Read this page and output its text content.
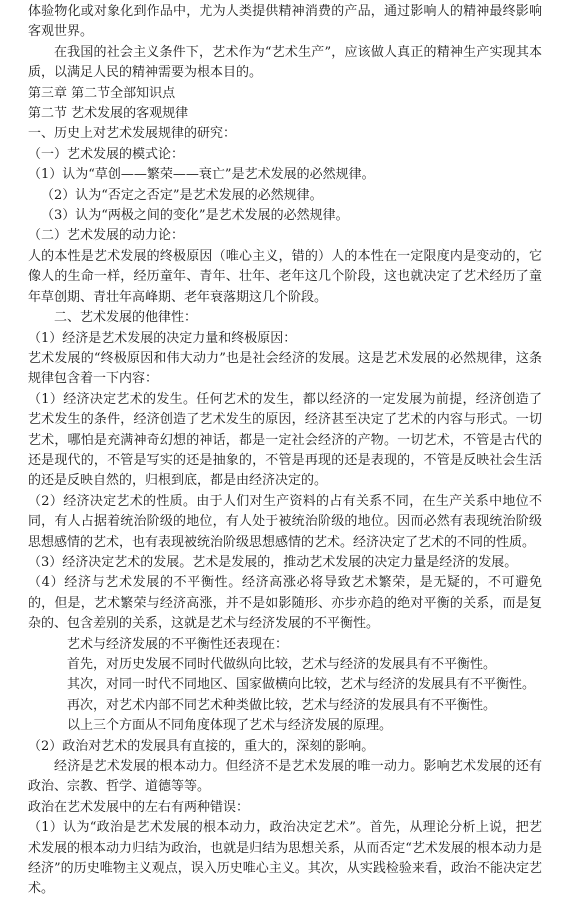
体验物化或对象化到作品中，尤为人类提供精神消费的产品，通过影响人的精神最终影响客观世界。

在我国的社会主义条件下，艺术作为“艺术生产”，应该做人真正的精神生产实现其本质，以满足人民的精神需要为根本目的。

第三章 第二节全部知识点

第二节 艺术发展的客观规律

一、历史上对艺术发展规律的研究：

（一）艺术发展的模式论：

（1）认为“草创——繁荣——衰亡”是艺术发展的必然规律。

（2）认为“否定之否定”是艺术发展的必然规律。

（3）认为“两极之间的变化”是艺术发展的必然规律。

（二）艺术发展的动力论：

人的本性是艺术发展的终极原因（唯心主义，错的）人的本性在一定限度内是变动的，它像人的生命一样，经历童年、青年、壮年、老年这几个阶段，这也就决定了艺术经历了童年草创期、青壮年高峰期、老年衰落期这几个阶段。

二、艺术发展的他律性：

（1）经济是艺术发展的决定力量和终极原因：

艺术发展的“终极原因和伟大动力”也是社会经济的发展。这是艺术发展的必然规律，这条规律包含着一下内容：

（1）经济决定艺术的发生。任何艺术的发生，都以经济的一定发展为前提，经济创造了艺术发生的条件，经济创造了艺术发生的原因，经济甚至决定了艺术的内容与形式。一切艺术，哪怕是充满神奇幻想的神话，都是一定社会经济的产物。一切艺术，不管是古代的还是现代的，不管是写实的还是抽象的，不管是再现的还是表现的，不管是反映社会生活的还是反映自然的，归根到底，都是由经济决定的。

（2）经济决定艺术的性质。由于人们对生产资料的占有关系不同，在生产关系中地位不同，有人占据着统治阶级的地位，有人处于被统治阶级的地位。因而必然有表现统治阶级思想感情的艺术，也有表现被统治阶级思想感情的艺术。经济决定了艺术的不同的性质。

（3）经济决定艺术的发展。艺术是发展的，推动艺术发展的决定力量是经济的发展。

（4）经济与艺术发展的不平衡性。经济高涨必将导致艺术繁荣，是无疑的，不可避免的，但是，艺术繁荣与经济高涨，并不是如影随形、亦步亦趋的绝对平衡的关系，而是复杂的、包含差别的关系，这就是艺术与经济发展的不平衡性。

艺术与经济发展的不平衡性还表现在：

首先，对历史发展不同时代做纵向比较，艺术与经济的发展具有不平衡性。

其次，对同一时代不同地区、国家做横向比较，艺术与经济的发展具有不平衡性。

再次，对艺术内部不同艺术种类做比较，艺术与经济的发展具有不平衡性。

以上三个方面从不同角度体现了艺术与经济发展的原理。

（2）政治对艺术的发展具有直接的，重大的，深刻的影响。

经济是艺术发展的根本动力。但经济不是艺术发展的唯一动力。影响艺术发展的还有政治、宗教、哲学、道德等等。

政治在艺术发展中的左右有两种错误：

（1）认为“政治是艺术发展的根本动力，政治决定艺术”。首先，从理论分析上说，把艺术发展的根本动力归结为政治，也就是归结为思想关系，从而否定“艺术发展的根本动力是经济”的历史唯物主义观点，误入历史唯心主义。其次，从实践检验来看，政治不能决定艺术。
